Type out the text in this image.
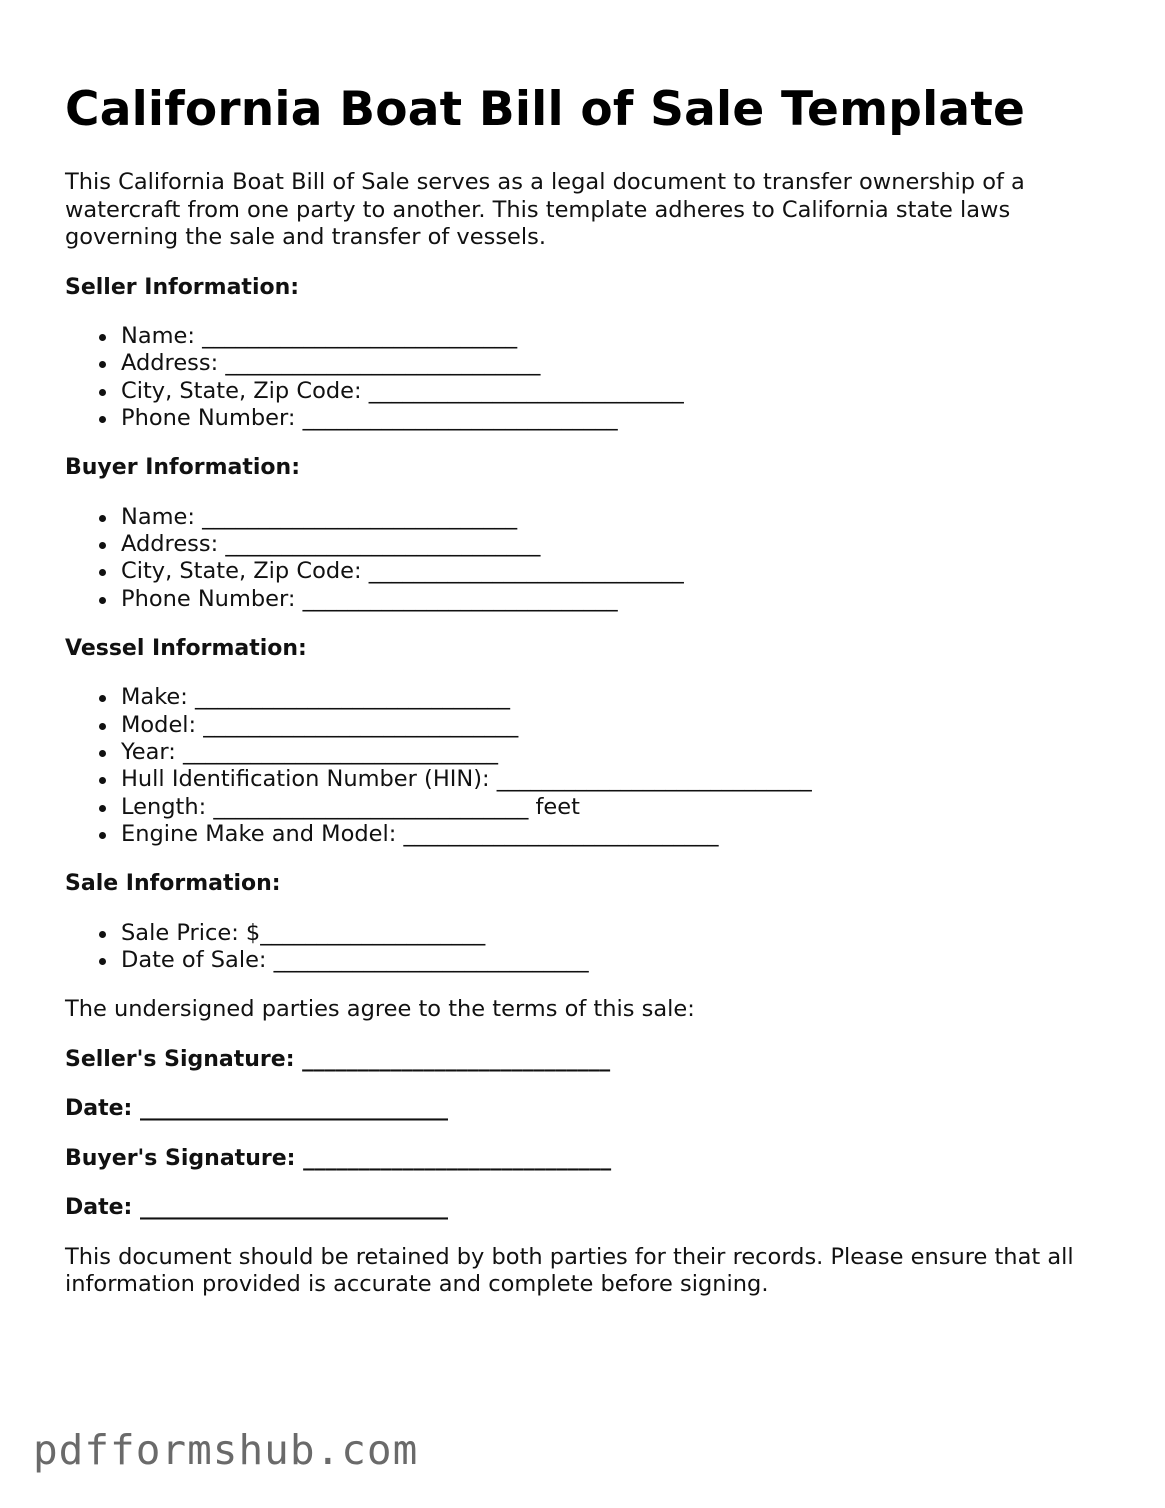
California Boat Bill of Sale Template

This California Boat Bill of Sale serves as a legal document to transfer ownership of a watercraft from one party to another. This template adheres to California state laws governing the sale and transfer of vessels.

Seller Information:
Name: ____________________________
Address: ____________________________
City, State, Zip Code: ____________________________
Phone Number: ____________________________
Buyer Information:
Name: ____________________________
Address: ____________________________
City, State, Zip Code: ____________________________
Phone Number: ____________________________
Vessel Information:
Make: ____________________________
Model: ____________________________
Year: ____________________________
Hull Identification Number (HIN): ____________________________
Length: ____________________________ feet
Engine Make and Model: ____________________________
Sale Information:
Sale Price: $____________________
Date of Sale: ____________________________

The undersigned parties agree to the terms of this sale:

Seller's Signature: ____________________________
Date: ____________________________
Buyer's Signature: ____________________________
Date: ____________________________

This document should be retained by both parties for their records. Please ensure that all information provided is accurate and complete before signing.

pdfformshub.com
